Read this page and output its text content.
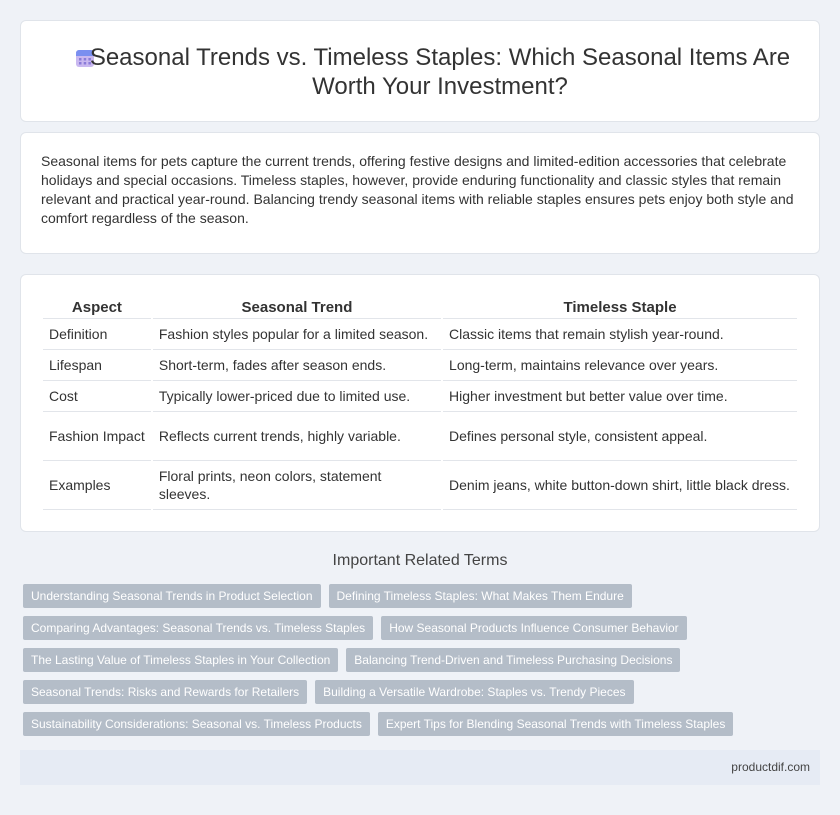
Seasonal Trends vs. Timeless Staples: Which Seasonal Items Are Worth Your Investment?

Seasonal items for pets capture the current trends, offering festive designs and limited-edition accessories that celebrate holidays and special occasions. Timeless staples, however, provide enduring functionality and classic styles that remain relevant and practical year-round. Balancing trendy seasonal items with reliable staples ensures pets enjoy both style and comfort regardless of the season.

Aspect	Seasonal Trend	Timeless Staple
Definition	Fashion styles popular for a limited season.	Classic items that remain stylish year-round.
Lifespan	Short-term, fades after season ends.	Long-term, maintains relevance over years.
Cost	Typically lower-priced due to limited use.	Higher investment but better value over time.
Fashion Impact	Reflects current trends, highly variable.	Defines personal style, consistent appeal.
Examples	Floral prints, neon colors, statement sleeves.	Denim jeans, white button-down shirt, little black dress.
Important Related Terms
Understanding Seasonal Trends in Product Selection	Defining Timeless Staples: What Makes Them Endure
Comparing Advantages: Seasonal Trends vs. Timeless Staples	How Seasonal Products Influence Consumer Behavior
The Lasting Value of Timeless Staples in Your Collection	Balancing Trend-Driven and Timeless Purchasing Decisions
Seasonal Trends: Risks and Rewards for Retailers	Building a Versatile Wardrobe: Staples vs. Trendy Pieces
Sustainability Considerations: Seasonal vs. Timeless Products	Expert Tips for Blending Seasonal Trends with Timeless Staples
productdif.com
